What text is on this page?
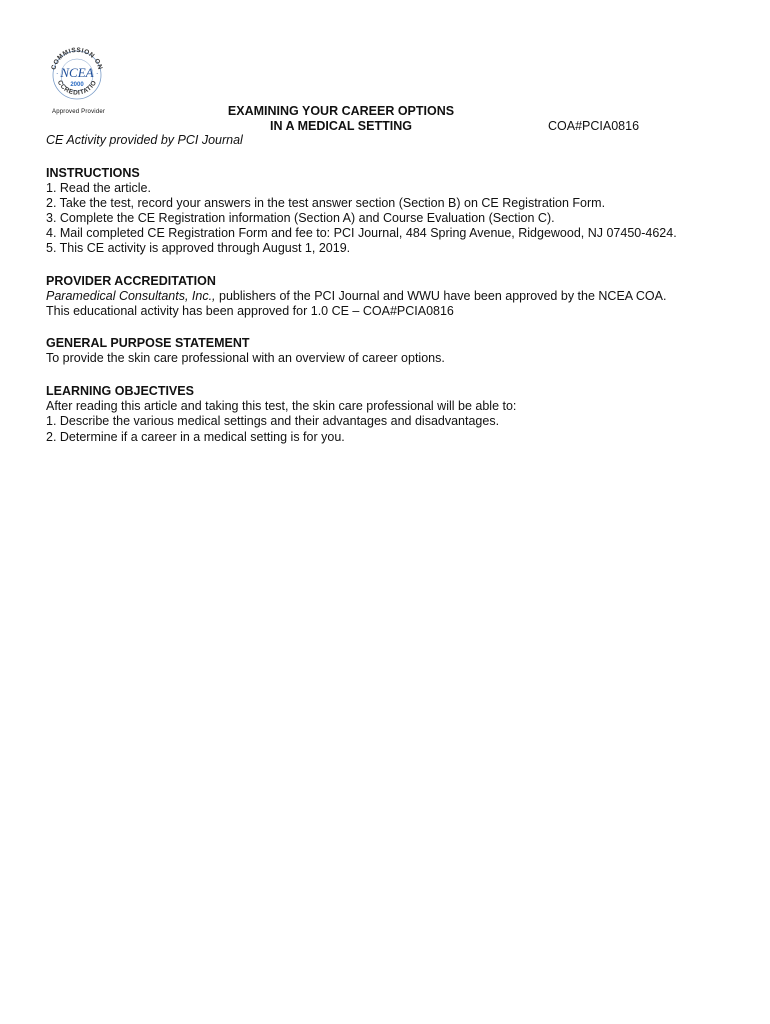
COMMISSION ON
CCREDITATIO
· NCEA ·
2000
Approved Provider	EXAMINING YOUR CAREER OPTIONS
IN A MEDICAL SETTING	COA#PCIA0816
CE Activity provided by PCI Journal
INSTRUCTIONS

1. Read the article.

2. Take the test, record your answers in the test answer section (Section B) on CE Registration Form.

3. Complete the CE Registration information (Section A) and Course Evaluation (Section C).

4. Mail completed CE Registration Form and fee to: PCI Journal, 484 Spring Avenue, Ridgewood, NJ 07450-4624.

5. This CE activity is approved through August 1, 2019.

PROVIDER ACCREDITATION

Paramedical Consultants, Inc., publishers of the PCI Journal and WWU have been approved by the NCEA COA.

This educational activity has been approved for 1.0 CE – COA#PCIA0816

GENERAL PURPOSE STATEMENT

To provide the skin care professional with an overview of career options.

LEARNING OBJECTIVES

After reading this article and taking this test, the skin care professional will be able to:

1. Describe the various medical settings and their advantages and disadvantages.

2. Determine if a career in a medical setting is for you.
